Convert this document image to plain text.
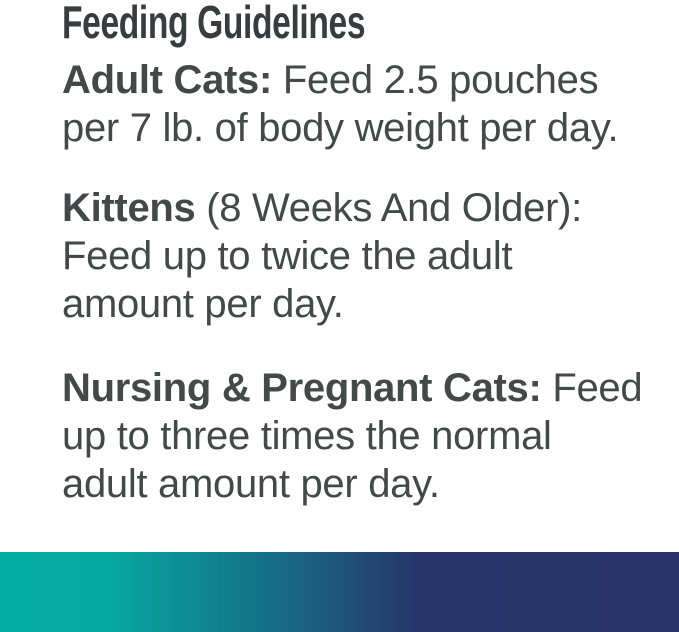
Feeding Guidelines
Adult Cats: Feed 2.5 pouches
per 7 lb. of body weight per day.
Kittens (8 Weeks And Older):
Feed up to twice the adult
amount per day.
Nursing & Pregnant Cats: Feed
up to three times the normal
adult amount per day.
